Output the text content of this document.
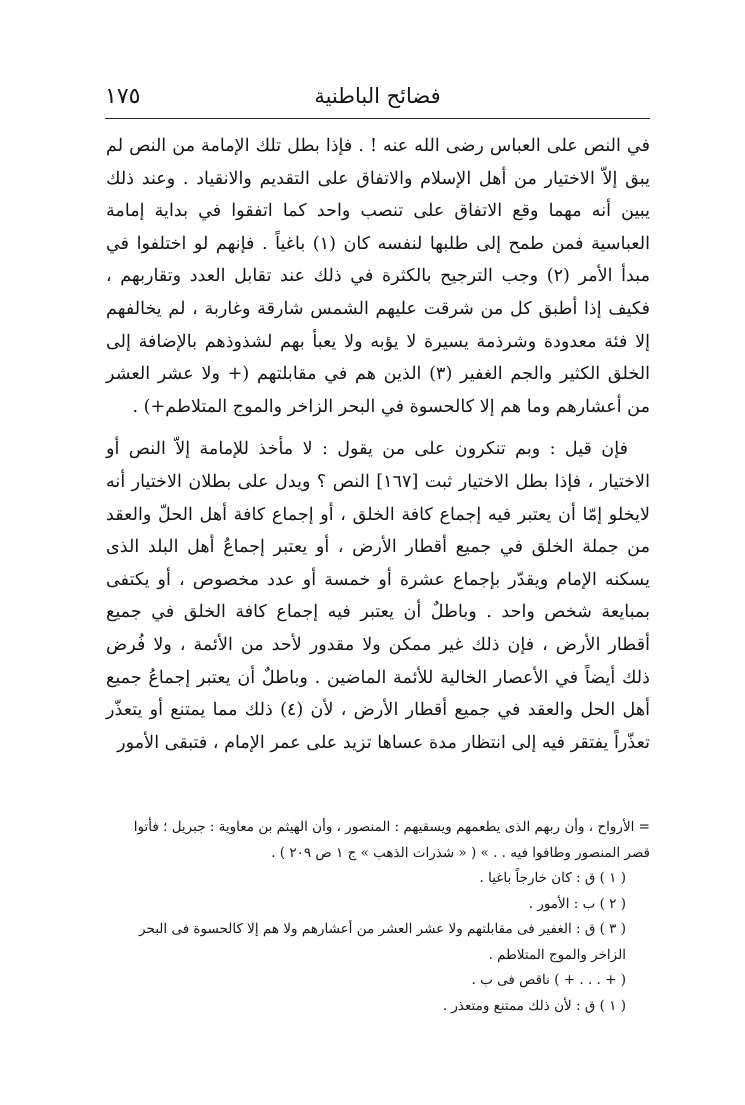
١٧٥	فضائح الباطنية

في النص على العباس رضى الله عنه ! . فإذا بطل تلك الإمامة من النص لم يبق إلاّ الاختيار من أهل الإسلام والاتفاق على التقديم والانقياد . وعند ذلك يبين أنه مهما وقع الاتفاق على تنصب واحد كما اتفقوا في بداية إمامة العباسية فمن طمح إلى طلبها لنفسه كان (١) باغياً . فإنهم لو اختلفوا في مبدأ الأمر (٢) وجب الترجيح بالكثرة في ذلك عند تقابل العدد وتقاربهم ، فكيف إذا أطبق كل من شرقت عليهم الشمس شارقة وغاربة ، لم يخالفهم إلا فئة معدودة وشرذمة يسيرة لا يؤبه ولا يعبأ بهم لشذوذهم بالإضافة إلى الخلق الكثير والجم الغفير (٣) الذين هم في مقابلتهم (+ ولا عشر العشر من أعشارهم وما هم إلا كالحسوة في البحر الزاخر والموج المتلاطم+) .

فإن قيل : وبم تنكرون على من يقول : لا مأخذ للإمامة إلاّ النص أو الاختيار ، فإذا بطل الاختيار ثبت [١٦٧] النص ؟ ويدل على بطلان الاختيار أنه لايخلو إمّا أن يعتبر فيه إجماع كافة الخلق ، أو إجماع كافة أهل الحلّ والعقد من جملة الخلق في جميع أقطار الأرض ، أو يعتبر إجماعُ أهل البلد الذى يسكنه الإمام ويقدّر بإجماع عشرة أو خمسة أو عدد مخصوص ، أو يكتفى بمبايعة شخص واحد . وباطلٌ أن يعتبر فيه إجماع كافة الخلق في جميع أقطار الأرض ، فإن ذلك غير ممكن ولا مقدور لأحد من الأئمة ، ولا فُرض ذلك أيضاً في الأعصار الخالية للأئمة الماضين . وباطلٌ أن يعتبر إجماعُ جميع أهل الحل والعقد في جميع أقطار الأرض ، لأن (٤) ذلك مما يمتنع أو يتعذّر تعذّراً يفتقر فيه إلى انتظار مدة عساها تزيد على عمر الإمام ، فتبقى الأمور

= الأرواح ، وأن ربهم الذى يطعمهم ويسقيهم : المنصور ، وأن الهيثم بن معاوية : جبريل ؛ فأتوا قصر المنصور وطافوا فيه . . » ( « شذرات الذهب » ج ١ ص ٢٠٩ ) .

( ١ ) ق : كان خارجاً باغيا .

( ٢ ) ب : الأمور .

( ٣ ) ق : الغفير فى مقابلتهم ولا عشر العشر من أعشارهم ولا هم إلا كالحسوة فى البحر الزاخر والموج المتلاطم .

( + . . . + ) ناقص فى ب .

( ١ ) ق : لأن ذلك ممتنع ومتعذر .
